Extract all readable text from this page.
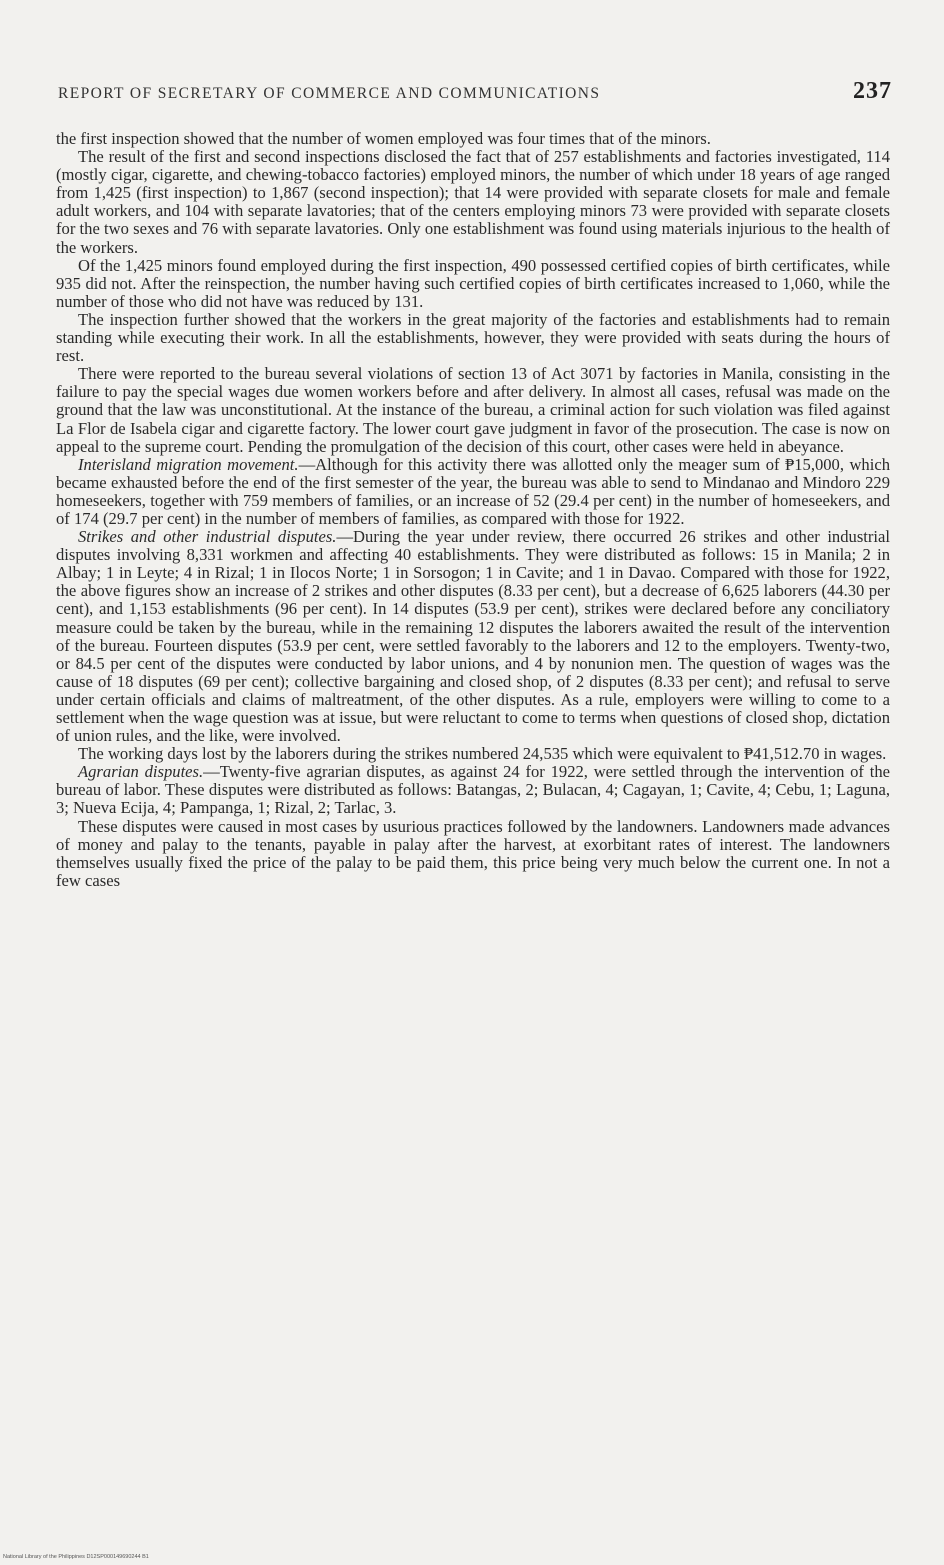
REPORT OF SECRETARY OF COMMERCE AND COMMUNICATIONS	237

the first inspection showed that the number of women employed was four times that of the minors.

The result of the first and second inspections disclosed the fact that of 257 establishments and factories investigated, 114 (mostly cigar, cigarette, and chewing-tobacco factories) employed minors, the number of which under 18 years of age ranged from 1,425 (first inspection) to 1,867 (second inspection); that 14 were provided with separate closets for male and female adult workers, and 104 with separate lavatories; that of the centers employing minors 73 were provided with separate closets for the two sexes and 76 with separate lavatories. Only one establishment was found using materials injurious to the health of the workers.

Of the 1,425 minors found employed during the first inspection, 490 possessed certified copies of birth certificates, while 935 did not. After the reinspection, the number having such certified copies of birth certificates increased to 1,060, while the number of those who did not have was reduced by 131.

The inspection further showed that the workers in the great majority of the factories and establishments had to remain standing while executing their work. In all the establishments, however, they were provided with seats during the hours of rest.

There were reported to the bureau several violations of section 13 of Act 3071 by factories in Manila, consisting in the failure to pay the special wages due women workers before and after delivery. In almost all cases, refusal was made on the ground that the law was unconstitutional. At the instance of the bureau, a criminal action for such violation was filed against La Flor de Isabela cigar and cigarette factory. The lower court gave judgment in favor of the prosecution. The case is now on appeal to the supreme court. Pending the promulgation of the decision of this court, other cases were held in abeyance.

Interisland migration movement.—Although for this activity there was allotted only the meager sum of ₱15,000, which became exhausted before the end of the first semester of the year, the bureau was able to send to Mindanao and Mindoro 229 homeseekers, together with 759 members of families, or an increase of 52 (29.4 per cent) in the number of homeseekers, and of 174 (29.7 per cent) in the number of members of families, as compared with those for 1922.

Strikes and other industrial disputes.—During the year under review, there occurred 26 strikes and other industrial disputes involving 8,331 workmen and affecting 40 establishments. They were distributed as follows: 15 in Manila; 2 in Albay; 1 in Leyte; 4 in Rizal; 1 in Ilocos Norte; 1 in Sorsogon; 1 in Cavite; and 1 in Davao. Compared with those for 1922, the above figures show an increase of 2 strikes and other disputes (8.33 per cent), but a decrease of 6,625 laborers (44.30 per cent), and 1,153 establishments (96 per cent). In 14 disputes (53.9 per cent), strikes were declared before any conciliatory measure could be taken by the bureau, while in the remaining 12 disputes the laborers awaited the result of the intervention of the bureau. Fourteen disputes (53.9 per cent, were settled favorably to the laborers and 12 to the employers. Twenty-two, or 84.5 per cent of the disputes were conducted by labor unions, and 4 by nonunion men. The question of wages was the cause of 18 disputes (69 per cent); collective bargaining and closed shop, of 2 disputes (8.33 per cent); and refusal to serve under certain officials and claims of maltreatment, of the other disputes. As a rule, employers were willing to come to a settlement when the wage question was at issue, but were reluctant to come to terms when questions of closed shop, dictation of union rules, and the like, were involved.

The working days lost by the laborers during the strikes numbered 24,535 which were equivalent to ₱41,512.70 in wages.

Agrarian disputes.—Twenty-five agrarian disputes, as against 24 for 1922, were settled through the intervention of the bureau of labor. These disputes were distributed as follows: Batangas, 2; Bulacan, 4; Cagayan, 1; Cavite, 4; Cebu, 1; Laguna, 3; Nueva Ecija, 4; Pampanga, 1; Rizal, 2; Tarlac, 3.

These disputes were caused in most cases by usurious practices followed by the landowners. Landowners made advances of money and palay to the tenants, payable in palay after the harvest, at exorbitant rates of interest. The landowners themselves usually fixed the price of the palay to be paid them, this price being very much below the current one. In not a few cases

National Library of the Philippines D12SP000149690244 B1
